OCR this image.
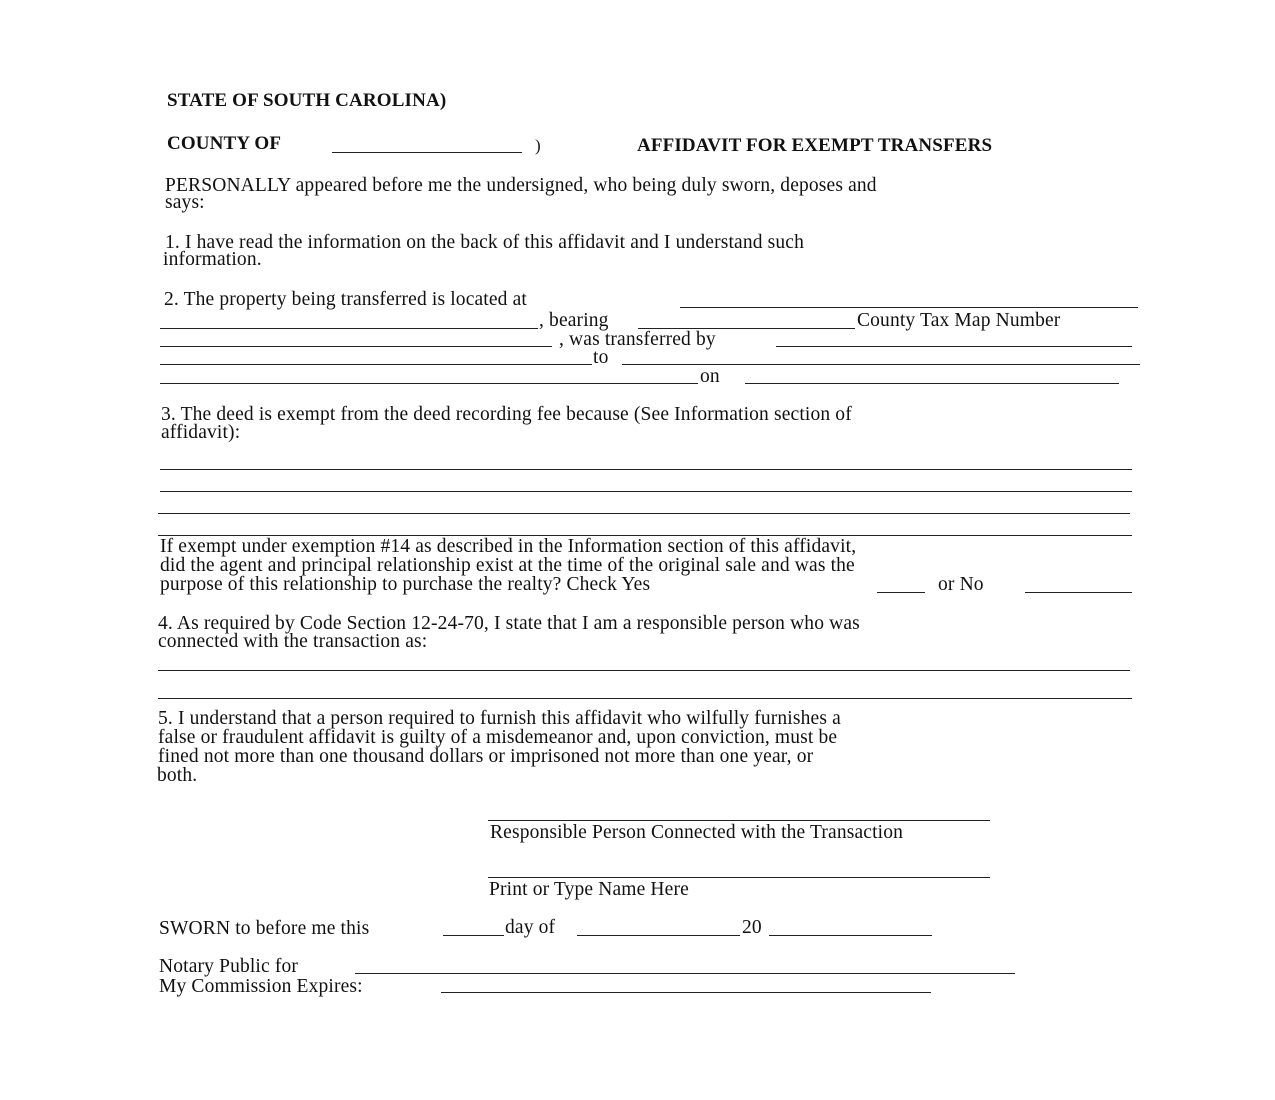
STATE OF SOUTH CAROLINA)
COUNTY OF	)	AFFIDAVIT FOR EXEMPT TRANSFERS
PERSONALLY appeared before me the undersigned, who being duly sworn, deposes and
says:
1. I have read the information on the back of this affidavit and I understand such
information.
2. The property being transferred is located at
, bearing	County Tax Map Number
, was transferred by
to
on
3. The deed is exempt from the deed recording fee because (See Information section of
affidavit):
If exempt under exemption #14 as described in the Information section of this affidavit,
did the agent and principal relationship exist at the time of the original sale and was the
purpose of this relationship to purchase the realty? Check Yes	or No
4. As required by Code Section 12-24-70, I state that I am a responsible person who was
connected with the transaction as:
5. I understand that a person required to furnish this affidavit who wilfully furnishes a
false or fraudulent affidavit is guilty of a misdemeanor and, upon conviction, must be
fined not more than one thousand dollars or imprisoned not more than one year, or
both.
Responsible Person Connected with the Transaction
Print or Type Name Here
SWORN to before me this	day of	20
Notary Public for
My Commission Expires:
